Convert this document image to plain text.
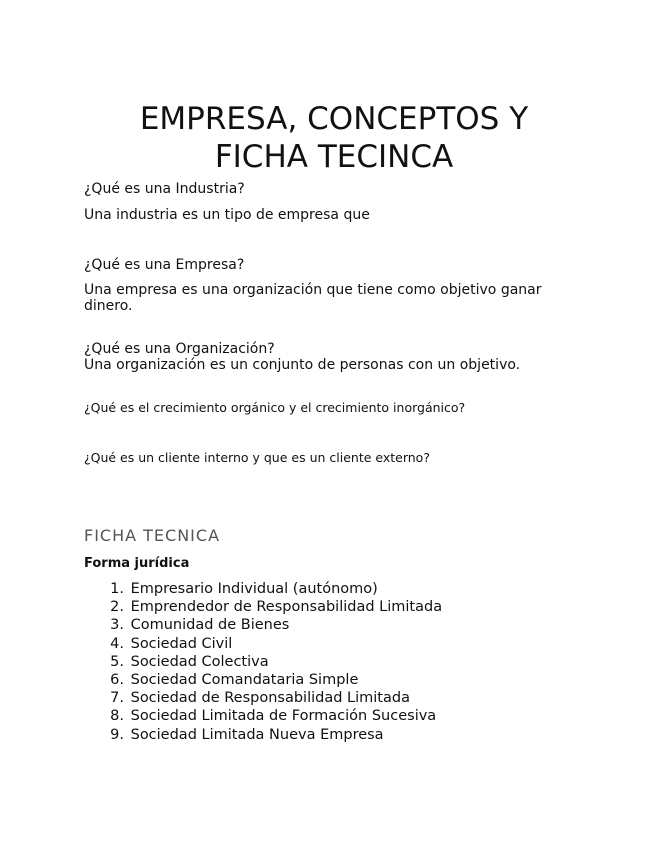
EMPRESA, CONCEPTOS Y
FICHA TECINCA

¿Qué es una Industria?

Una industria es un tipo de empresa que

¿Qué es una Empresa?

Una empresa es una organización que tiene como objetivo ganar dinero.

¿Qué es una Organización?

Una organización es un conjunto de personas con un objetivo.

¿Qué es el crecimiento orgánico y el crecimiento inorgánico?

¿Qué es un cliente interno y que es un cliente externo?

FICHA TECNICA
Forma jurídica
1. Empresario Individual (autónomo)
2. Emprendedor de Responsabilidad Limitada
3. Comunidad de Bienes
4. Sociedad Civil
5. Sociedad Colectiva
6. Sociedad Comandataria Simple
7. Sociedad de Responsabilidad Limitada
8. Sociedad Limitada de Formación Sucesiva
9. Sociedad Limitada Nueva Empresa
